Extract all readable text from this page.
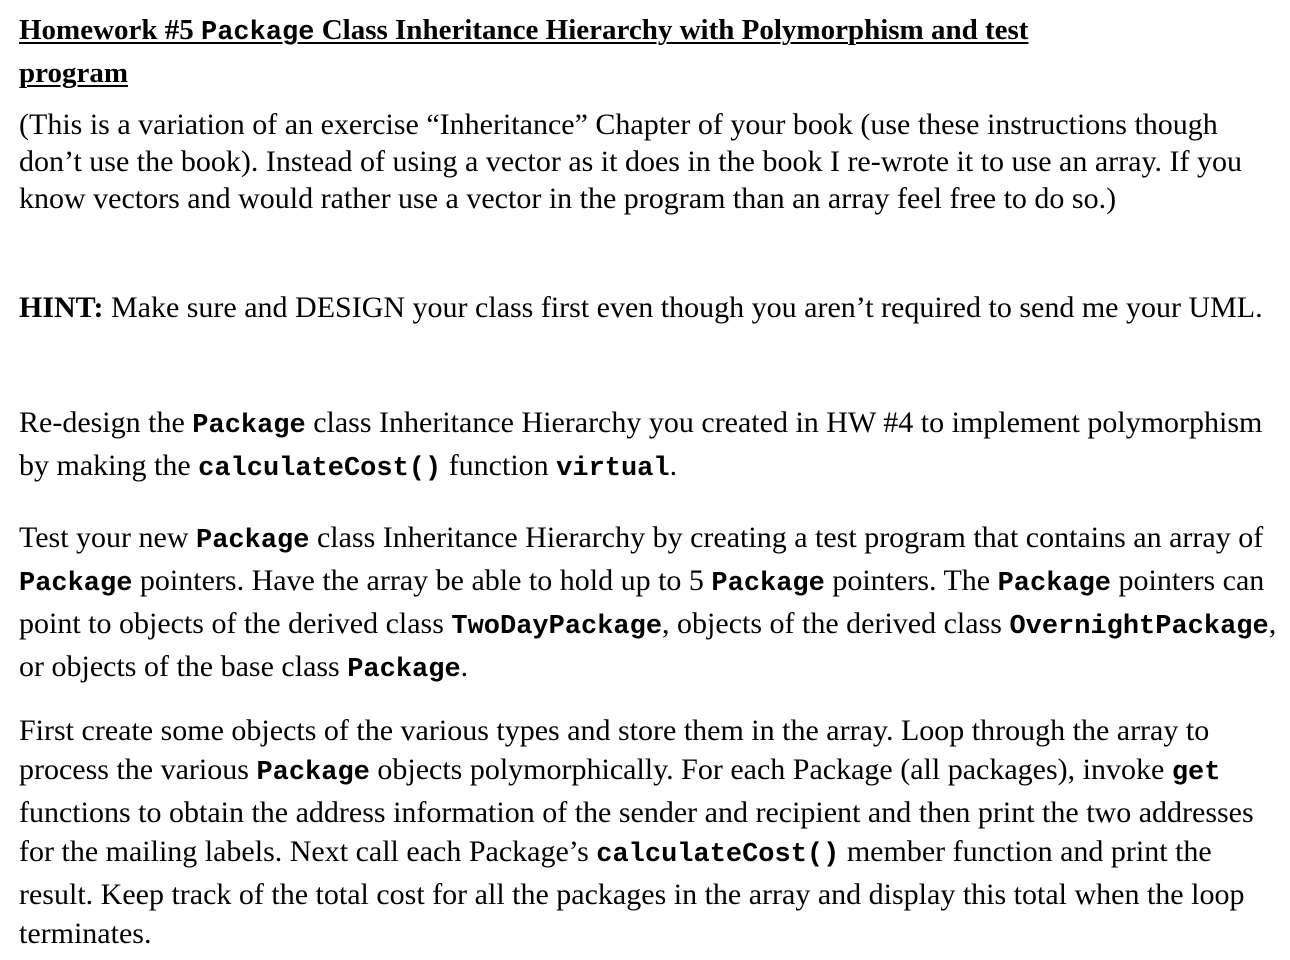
Homework #5 Package Class Inheritance Hierarchy with Polymorphism and test

program

(This is a variation of an exercise “Inheritance” Chapter of your book (use these instructions though don’t use the book). Instead of using a vector as it does in the book I re-wrote it to use an array. If you know vectors and would rather use a vector in the program than an array feel free to do so.)

HINT: Make sure and DESIGN your class first even though you aren’t required to send me your UML.

Re-design the Package class Inheritance Hierarchy you created in HW #4 to implement polymorphism by making the calculateCost() function virtual.

Test your new Package class Inheritance Hierarchy by creating a test program that contains an array of Package pointers. Have the array be able to hold up to 5 Package pointers. The Package pointers can point to objects of the derived class TwoDayPackage, objects of the derived class OvernightPackage, or objects of the base class Package.

First create some objects of the various types and store them in the array. Loop through the array to process the various Package objects polymorphically. For each Package (all packages), invoke get functions to obtain the address information of the sender and recipient and then print the two addresses for the mailing labels. Next call each Package’s calculateCost() member function and print the result. Keep track of the total cost for all the packages in the array and display this total when the loop terminates.
